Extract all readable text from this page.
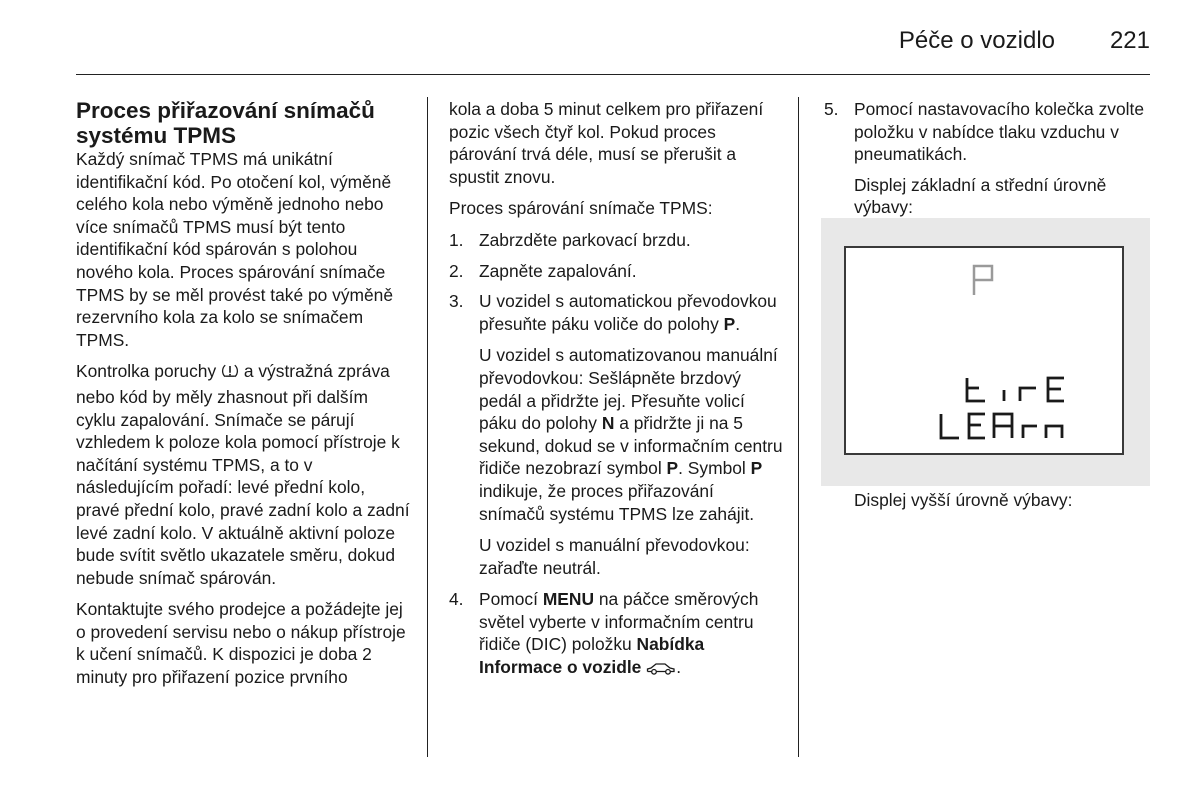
Péče o vozidlo	221
Proces přiřazování snímačů systému TPMS

Každý snímač TPMS má unikátní identifikační kód. Po otočení kol, výměně celého kola nebo výměně jednoho nebo více snímačů TPMS musí být tento identifikační kód spárován s polohou nového kola. Proces spárování snímače TPMS by se měl provést také po výměně rezervního kola za kolo se snímačem TPMS.

Kontrolka poruchy a výstražná zpráva nebo kód by měly zhasnout při dalším cyklu zapalování. Snímače se párují vzhledem k poloze kola pomocí přístroje k načítání systému TPMS, a to v následujícím pořadí: levé přední kolo, pravé přední kolo, pravé zadní kolo a zadní levé zadní kolo. V aktuálně aktivní poloze bude svítit světlo ukazatele směru, dokud nebude snímač spárován.

Kontaktujte svého prodejce a požádejte jej o provedení servisu nebo o nákup přístroje k učení snímačů. K dispozici je doba 2 minuty pro přiřazení pozice prvního

kola a doba 5 minut celkem pro přiřazení pozic všech čtyř kol. Pokud proces párování trvá déle, musí se přerušit a spustit znovu.

Proces spárování snímače TPMS:

1. Zabrzděte parkovací brzdu.
2. Zapněte zapalování.
3. U vozidel s automatickou převodovkou přesuňte páku voliče do polohy P.

U vozidel s automatizovanou manuální převodovkou: Sešlápněte brzdový pedál a přidržte jej. Přesuňte volicí páku do polohy N a přidržte ji na 5 sekund, dokud se v informačním centru řidiče nezobrazí symbol P. Symbol P indikuje, že proces přiřazování snímačů systému TPMS lze zahájit.

U vozidel s manuální převodovkou: zařaďte neutrál.

4. Pomocí MENU na páčce směrových světel vyberte v informačním centru řidiče (DIC) položku Nabídka Informace o vozidle .
5. Pomocí nastavovacího kolečka zvolte položku v nabídce tlaku vzduchu v pneumatikách.

Displej základní a střední úrovně výbavy:

Displej vyšší úrovně výbavy:
